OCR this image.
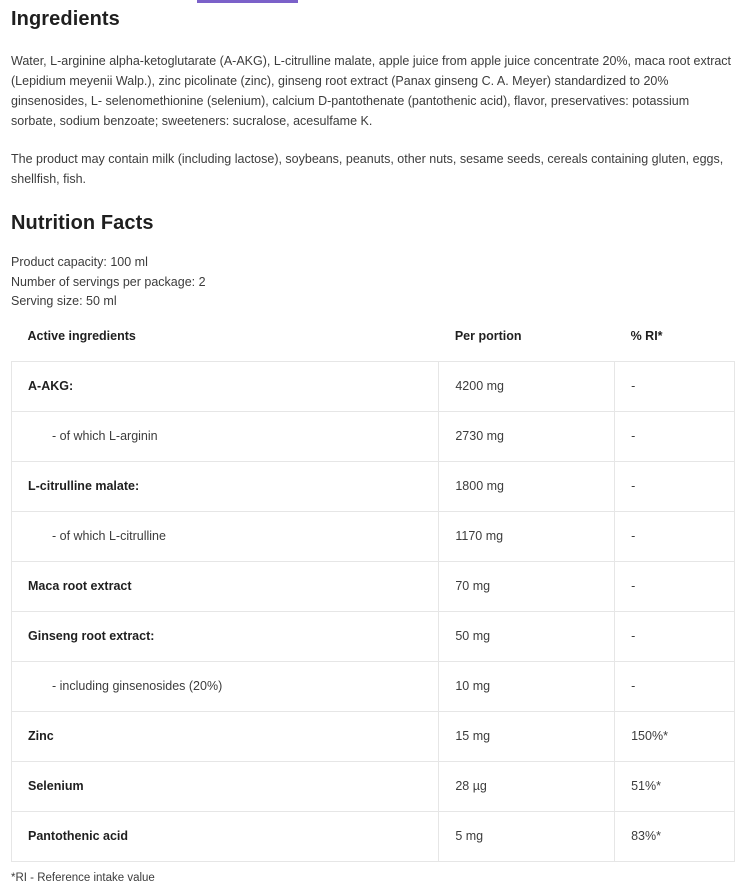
Ingredients

Water, L-arginine alpha-ketoglutarate (A-AKG), L-citrulline malate, apple juice from apple juice concentrate 20%, maca root extract (Lepidium meyenii Walp.), zinc picolinate (zinc), ginseng root extract (Panax ginseng C. A. Meyer) standardized to 20% ginsenosides, L- selenomethionine (selenium), calcium D-pantothenate (pantothenic acid), flavor, preservatives: potassium sorbate, sodium benzoate; sweeteners: sucralose, acesulfame K.

The product may contain milk (including lactose), soybeans, peanuts, other nuts, sesame seeds, cereals containing gluten, eggs, shellfish, fish.

Nutrition Facts
Product capacity: 100 ml
Number of servings per package: 2
Serving size: 50 ml
Active ingredients	Per portion	% RI*
A-AKG:	4200 mg	-
- of which L-arginin	2730 mg	-
L-citrulline malate:	1800 mg	-
- of which L-citrulline	1170 mg	-
Maca root extract	70 mg	-
Ginseng root extract:	50 mg	-
- including ginsenosides (20%)	10 mg	-
Zinc	15 mg	150%*
Selenium	28 µg	51%*
Pantothenic acid	5 mg	83%*
*RI - Reference intake value
